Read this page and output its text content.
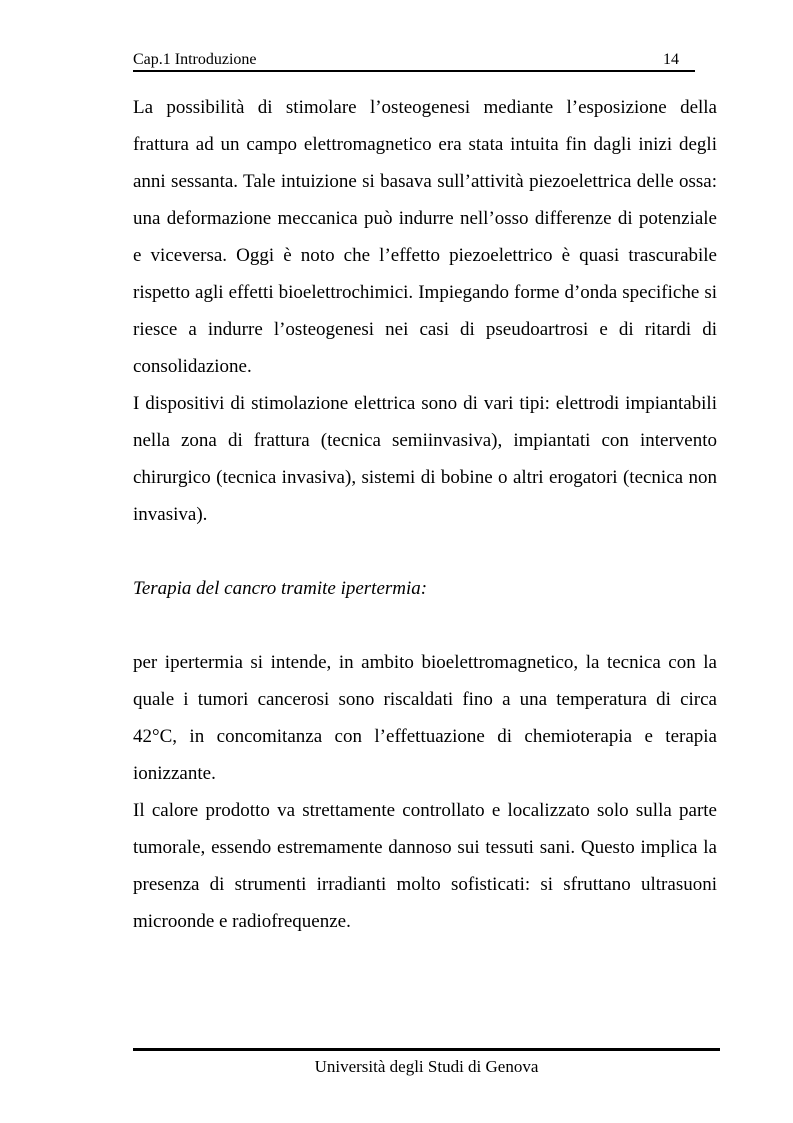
Cap.1 Introduzione	14

La possibilità di stimolare l’osteogenesi mediante l’esposizione della frattura ad un campo elettromagnetico era stata intuita fin dagli inizi degli anni sessanta. Tale intuizione si basava sull’attività piezoelettrica delle ossa: una deformazione meccanica può indurre nell’osso differenze di potenziale e viceversa. Oggi è noto che l’effetto piezoelettrico è quasi trascurabile rispetto agli effetti bioelettrochimici. Impiegando forme d’onda specifiche si riesce a indurre l’osteogenesi nei casi di pseudoartrosi e di ritardi di consolidazione.

I dispositivi di stimolazione elettrica sono di vari tipi: elettrodi impiantabili nella zona di frattura (tecnica semiinvasiva), impiantati con intervento chirurgico (tecnica invasiva), sistemi di bobine o altri erogatori (tecnica non invasiva).

Terapia del cancro tramite ipertermia:

per ipertermia si intende, in ambito bioelettromagnetico, la tecnica con la quale i tumori cancerosi sono riscaldati fino a una temperatura di circa 42°C, in concomitanza con l’effettuazione di chemioterapia e terapia ionizzante.

Il calore prodotto va strettamente controllato e localizzato solo sulla parte tumorale, essendo estremamente dannoso sui tessuti sani. Questo implica la presenza di strumenti irradianti molto sofisticati: si sfruttano ultrasuoni microonde e radiofrequenze.

Università degli Studi di Genova
